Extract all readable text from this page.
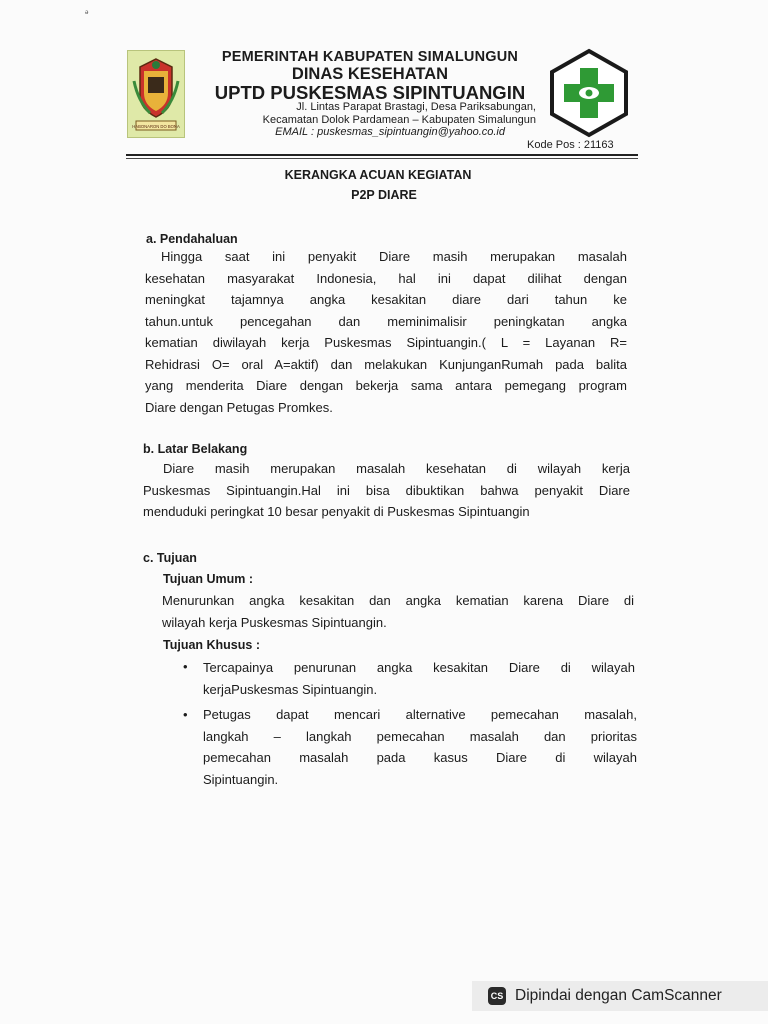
ᵊ
HABONARON DO BONA
PEMERINTAH KABUPATEN SIMALUNGUN
DINAS KESEHATAN
UPTD PUSKESMAS SIPINTUANGIN
Jl. Lintas Parapat Brastagi, Desa Pariksabungan,
Kecamatan Dolok Pardamean – Kabupaten Simalungun
EMAIL : puskesmas_sipintuangin@yahoo.co.id
Kode Pos : 21163
KERANGKA ACUAN KEGIATAN
P2P DIARE
a. Pendahaluan
Hingga saat ini penyakit Diare masih merupakan masalah
kesehatan masyarakat Indonesia, hal ini dapat dilihat dengan
meningkat tajamnya angka kesakitan diare dari tahun ke
tahun.untuk pencegahan dan meminimalisir peningkatan angka
kematian diwilayah kerja Puskesmas Sipintuangin.( L = Layanan R=
Rehidrasi O= oral A=aktif) dan melakukan KunjunganRumah pada balita
yang menderita Diare dengan bekerja sama antara pemegang program
Diare dengan Petugas Promkes.
b. Latar Belakang
Diare masih merupakan masalah kesehatan di wilayah kerja
Puskesmas Sipintuangin.Hal ini bisa dibuktikan bahwa penyakit Diare
menduduki peringkat 10 besar penyakit di Puskesmas Sipintuangin
c. Tujuan
Tujuan Umum :
Menurunkan angka kesakitan dan angka kematian karena Diare di
wilayah kerja Puskesmas Sipintuangin.
Tujuan Khusus :
• Tercapainya penurunan angka kesakitan Diare di wilayah
kerjaPuskesmas Sipintuangin.
• Petugas dapat mencari alternative pemecahan masalah,
langkah – langkah pemecahan masalah dan prioritas
pemecahan masalah pada kasus Diare di wilayah
Sipintuangin.
CS Dipindai dengan CamScanner
